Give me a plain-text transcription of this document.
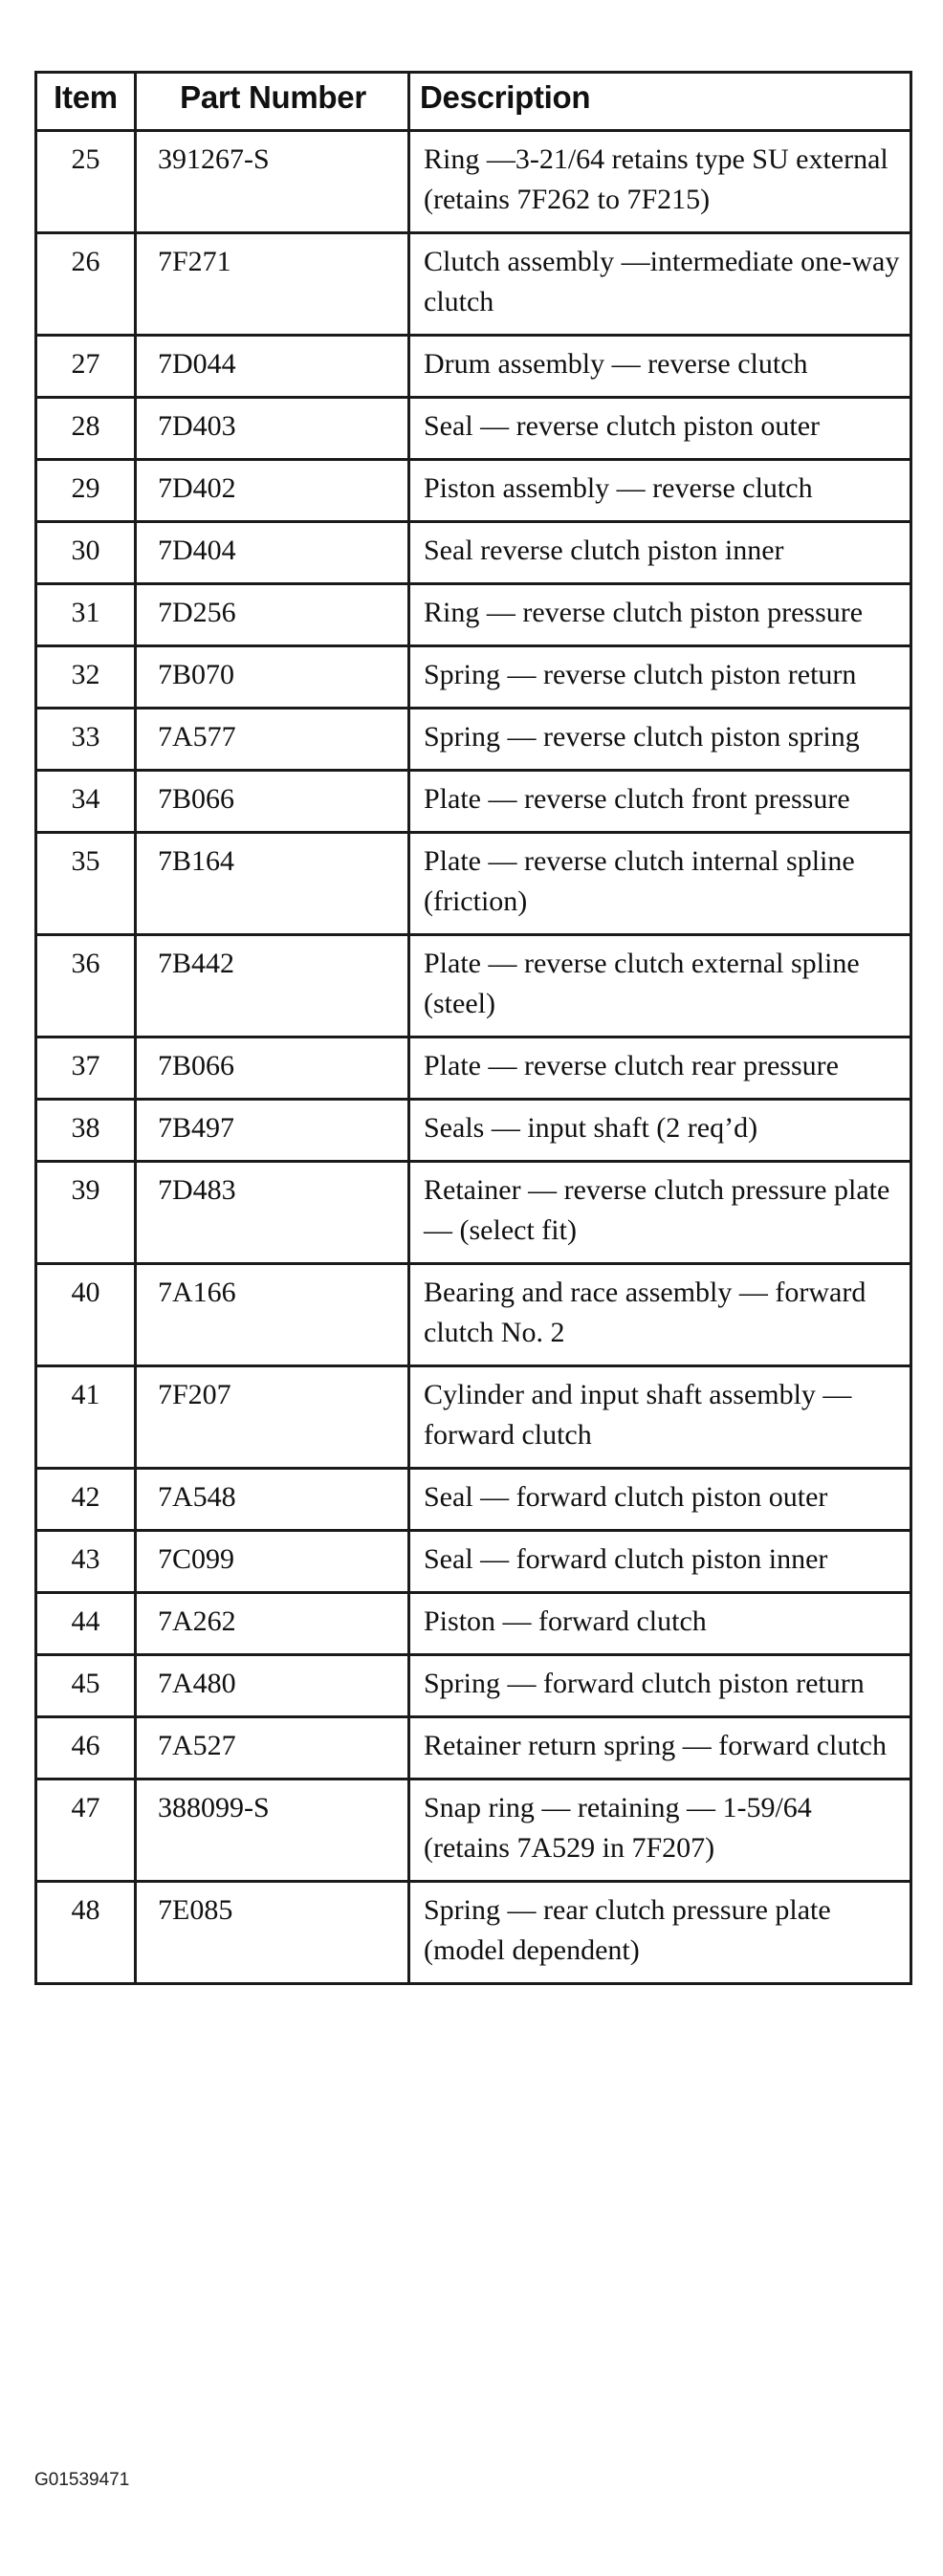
Item	Part Number	Description
25	391267-S	Ring —3-21/64 retains type SU external (retains 7F262 to 7F215)
26	7F271	Clutch assembly —intermediate one-way clutch
27	7D044	Drum assembly — reverse clutch
28	7D403	Seal — reverse clutch piston outer
29	7D402	Piston assembly — reverse clutch
30	7D404	Seal reverse clutch piston inner
31	7D256	Ring — reverse clutch piston pressure
32	7B070	Spring — reverse clutch piston return
33	7A577	Spring — reverse clutch piston spring
34	7B066	Plate — reverse clutch front pressure
35	7B164	Plate — reverse clutch internal spline (friction)
36	7B442	Plate — reverse clutch external spline (steel)
37	7B066	Plate — reverse clutch rear pressure
38	7B497	Seals — input shaft (2 req’d)
39	7D483	Retainer — reverse clutch pressure plate — (select fit)
40	7A166	Bearing and race assembly — forward clutch No. 2
41	7F207	Cylinder and input shaft assembly — forward clutch
42	7A548	Seal — forward clutch piston outer
43	7C099	Seal — forward clutch piston inner
44	7A262	Piston — forward clutch
45	7A480	Spring — forward clutch piston return
46	7A527	Retainer return spring — forward clutch
47	388099-S	Snap ring — retaining — 1-59/64 (retains 7A529 in 7F207)
48	7E085	Spring — rear clutch pressure plate (model dependent)
G01539471
